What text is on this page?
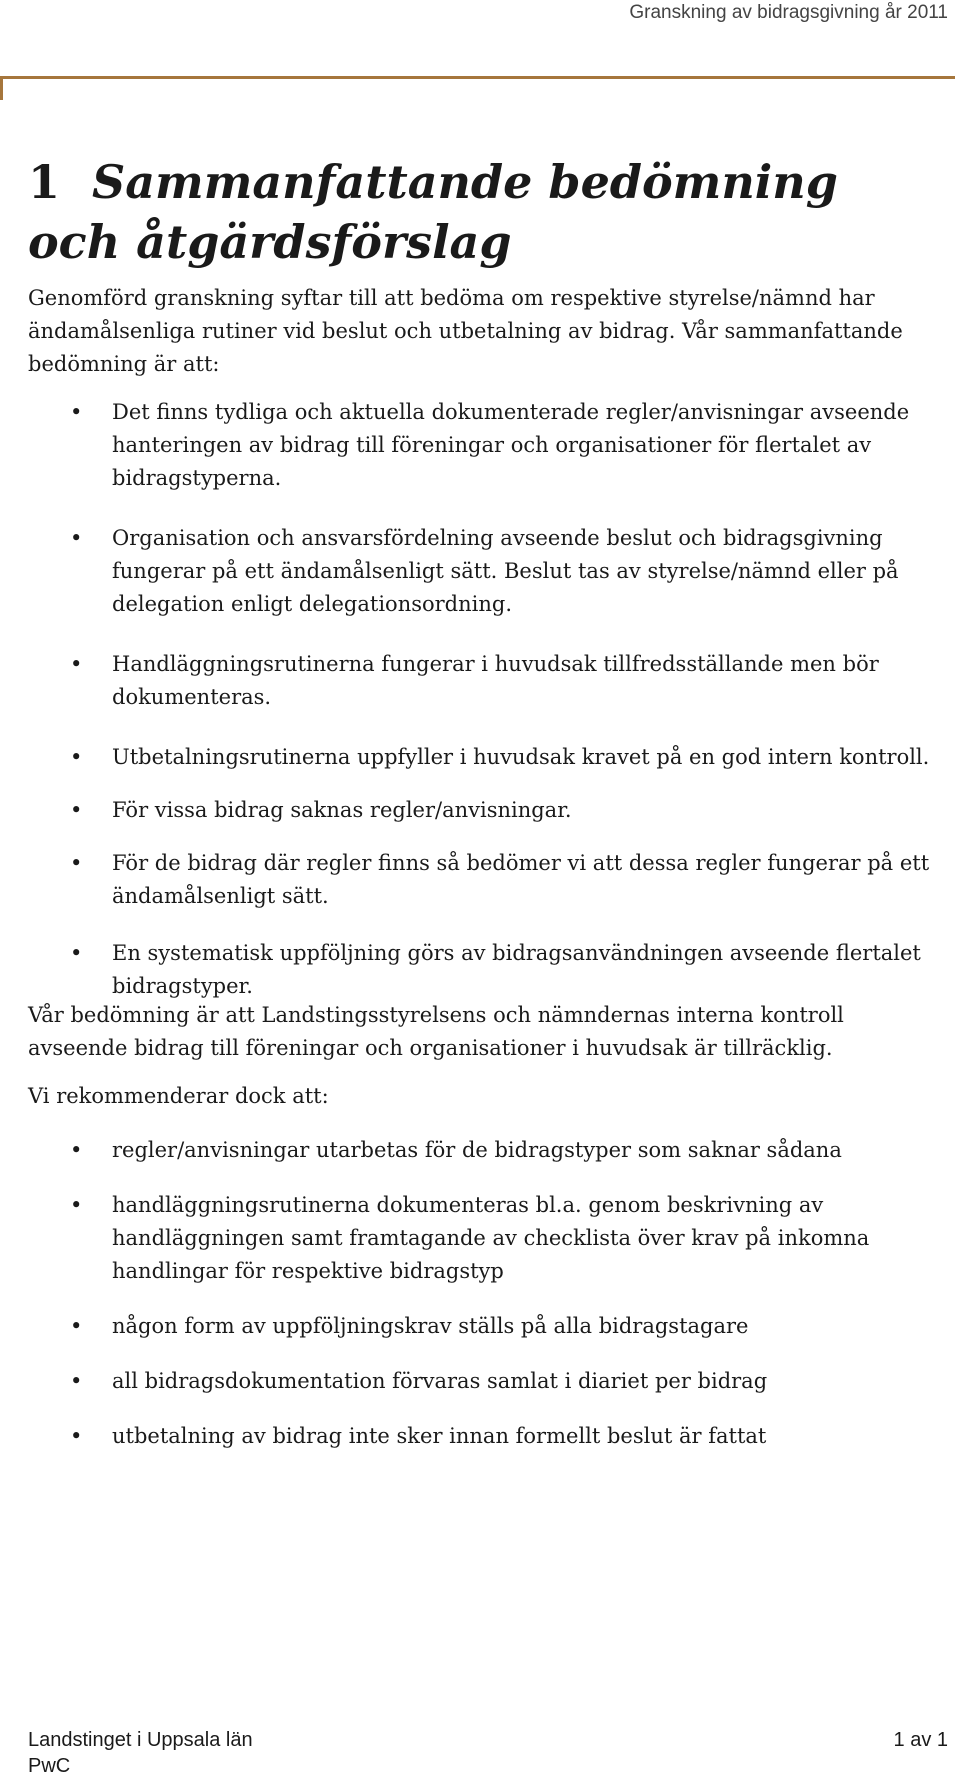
Granskning av bidragsgivning år 2011
1 Sammanfattande bedömning
och åtgärdsförslag

Genomförd granskning syftar till att bedöma om respektive styrelse/nämnd har ändamålsenliga rutiner vid beslut och utbetalning av bidrag. Vår sammanfattande bedömning är att:

• Det finns tydliga och aktuella dokumenterade regler/anvisningar avseende hanteringen av bidrag till föreningar och organisationer för flertalet av bidragstyperna.
• Organisation och ansvarsfördelning avseende beslut och bidragsgivning fungerar på ett ändamålsenligt sätt. Beslut tas av styrelse/nämnd eller på delegation enligt delegationsordning.
• Handläggningsrutinerna fungerar i huvudsak tillfredsställande men bör dokumenteras.
• Utbetalningsrutinerna uppfyller i huvudsak kravet på en god intern kontroll.
• För vissa bidrag saknas regler/anvisningar.
• För de bidrag där regler finns så bedömer vi att dessa regler fungerar på ett ändamålsenligt sätt.
• En systematisk uppföljning görs av bidragsanvändningen avseende flertalet bidragstyper.

Vår bedömning är att Landstingsstyrelsens och nämndernas interna kontroll avseende bidrag till föreningar och organisationer i huvudsak är tillräcklig.

Vi rekommenderar dock att:

• regler/anvisningar utarbetas för de bidragstyper som saknar sådana
• handläggningsrutinerna dokumenteras bl.a. genom beskrivning av handläggningen samt framtagande av checklista över krav på inkomna handlingar för respektive bidragstyp
• någon form av uppföljningskrav ställs på alla bidragstagare
• all bidragsdokumentation förvaras samlat i diariet per bidrag
• utbetalning av bidrag inte sker innan formellt beslut är fattat
Landstinget i Uppsala län
PwC
1 av 1
